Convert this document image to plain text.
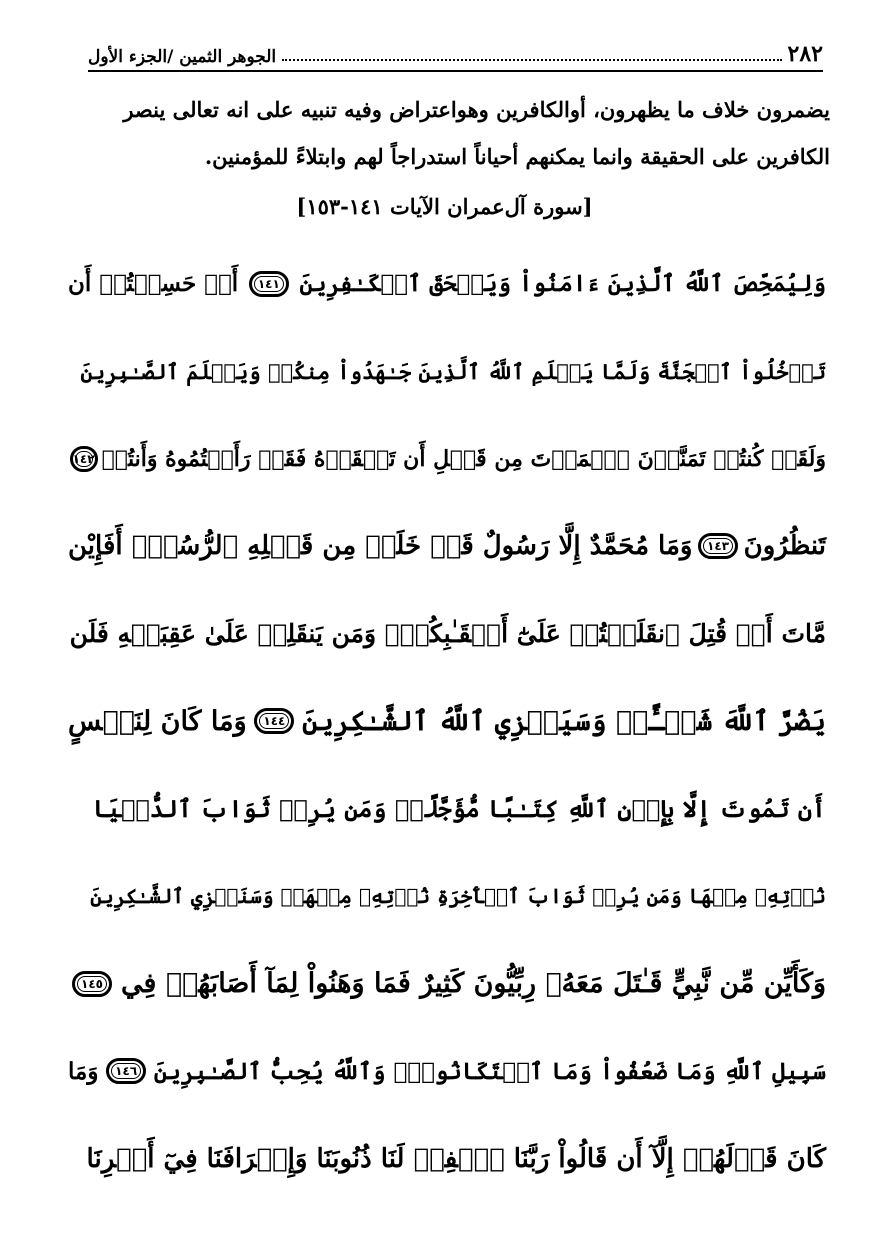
٢٨٢
الجوهر الثمين /الجزء الأول

يضمرون خلاف ما يظهرون، أوالكافرين وهواعتراض وفيه تنبيه على انه تعالى ينصر

الكافرين على الحقيقة وانما يمكنهم أحياناً استدراجاً لهم وابتلاءً للمؤمنين.

[سورة آل‌عمران الآيات ١٤١-١٥٣]
وَلِيُمَحِّصَ ٱللَّهُ ٱلَّذِينَ ءَامَنُواْ وَيَمۡحَقَ ٱلۡكَـٰفِرِينَ
١٤١
أَمۡ حَسِبۡتُمۡ أَن
تَدۡخُلُواْ ٱلۡجَنَّةَ وَلَمَّا يَعۡلَمِ ٱللَّهُ ٱلَّذِينَ جَـٰهَدُواْ مِنكُمۡ وَيَعۡلَمَ ٱلصَّـٰبِرِينَ
وَلَقَدۡ كُنتُمۡ تَمَنَّوۡنَ ٱلۡمَوۡتَ مِن قَبۡلِ أَن تَلۡقَوۡهُ فَقَدۡ رَأَيۡتُمُوهُ وَأَنتُمۡ
١٤٢
تَنظُرُونَ
١٤٣
وَمَا مُحَمَّدٌ إِلَّا رَسُولٌ قَدۡ خَلَتۡ مِن قَبۡلِهِ ٱلرُّسُلُۚ أَفَإِيْن
مَّاتَ أَوۡ قُتِلَ ٱنقَلَبۡتُمۡ عَلَىٰٓ أَعۡقَـٰبِكُمۡۚ وَمَن يَنقَلِبۡ عَلَىٰ عَقِبَيۡهِ فَلَن
يَضُرَّ ٱللَّهَ شَيۡـًٔاۗ وَسَيَجۡزِي ٱللَّهُ ٱلشَّـٰكِرِينَ
١٤٤
وَمَا كَانَ لِنَفۡسٍ
أَن تَمُوتَ إِلَّا بِإِذۡنِ ٱللَّهِ كِتَـٰبًا مُّؤَجَّلًاۗ وَمَن يُرِدۡ ثَوَابَ ٱلدُّنۡيَا
نُؤۡتِهِۦ مِنۡهَا وَمَن يُرِدۡ ثَوَابَ ٱلۡأٓخِرَةِ نُؤۡتِهِۦ مِنۡهَاۚ وَسَنَجۡزِي ٱلشَّـٰكِرِينَ
وَكَأَيِّن مِّن نَّبِيٍّ قَـٰتَلَ مَعَهُۥ رِبِّيُّونَ كَثِيرٌ فَمَا وَهَنُواْ لِمَآ أَصَابَهُمۡ فِي
١٤٥
سَبِيلِ ٱللَّهِ وَمَا ضَعُفُواْ وَمَا ٱسۡتَكَانُواْۗ وَٱللَّهُ يُحِبُّ ٱلصَّـٰبِرِينَ
١٤٦
وَمَا
كَانَ قَوۡلَهُمۡ إِلَّآ أَن قَالُواْ رَبَّنَا ٱغۡفِرۡ لَنَا ذُنُوبَنَا وَإِسۡرَافَنَا فِيٓ أَمۡرِنَا
